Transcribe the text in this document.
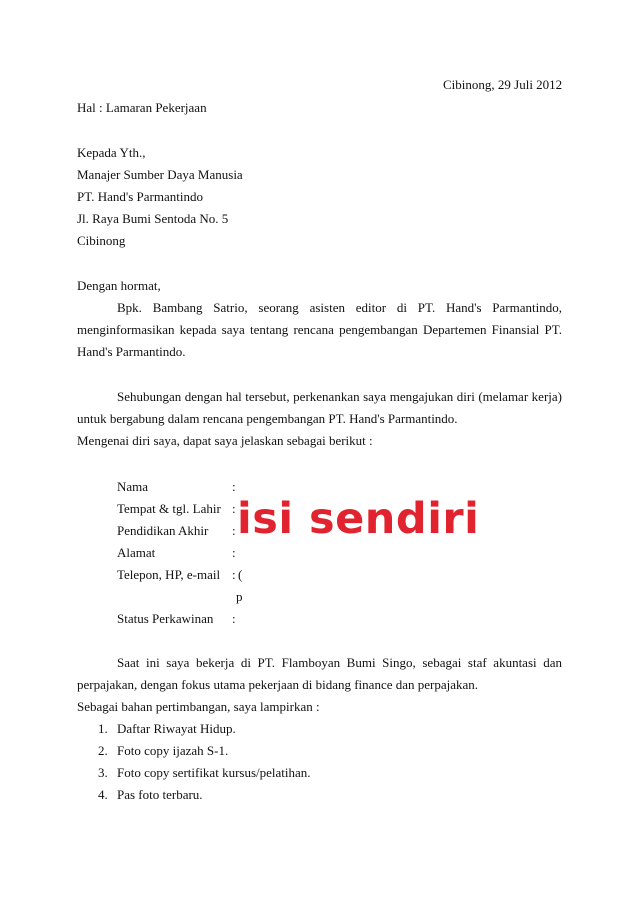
Cibinong, 29 Juli 2012
Hal : Lamaran Pekerjaan
Kepada Yth.,
Manajer Sumber Daya Manusia
PT. Hand's Parmantindo
Jl. Raya Bumi Sentoda No. 5
Cibinong
Dengan hormat,
Bpk. Bambang Satrio, seorang asisten editor di PT. Hand's Parmantindo,
menginformasikan kepada saya tentang rencana pengembangan Departemen Finansial PT.
Hand's Parmantindo.
Sehubungan dengan hal tersebut, perkenankan saya mengajukan diri (melamar kerja)
untuk bergabung dalam rencana pengembangan PT. Hand's Parmantindo.
Mengenai diri saya, dapat saya jelaskan sebagai berikut :
Nama	:
Tempat & tgl. Lahir :
Pendidikan Akhir :
Alamat	:
Telepon, HP, e-mail : (
p
Status Perkawinan :
isi sendiri
Saat ini saya bekerja di PT. Flamboyan Bumi Singo, sebagai staf akuntasi dan
perpajakan, dengan fokus utama pekerjaan di bidang finance dan perpajakan.
Sebagai bahan pertimbangan, saya lampirkan :
1. Daftar Riwayat Hidup.
2. Foto copy ijazah S-1.
3. Foto copy sertifikat kursus/pelatihan.
4. Pas foto terbaru.
